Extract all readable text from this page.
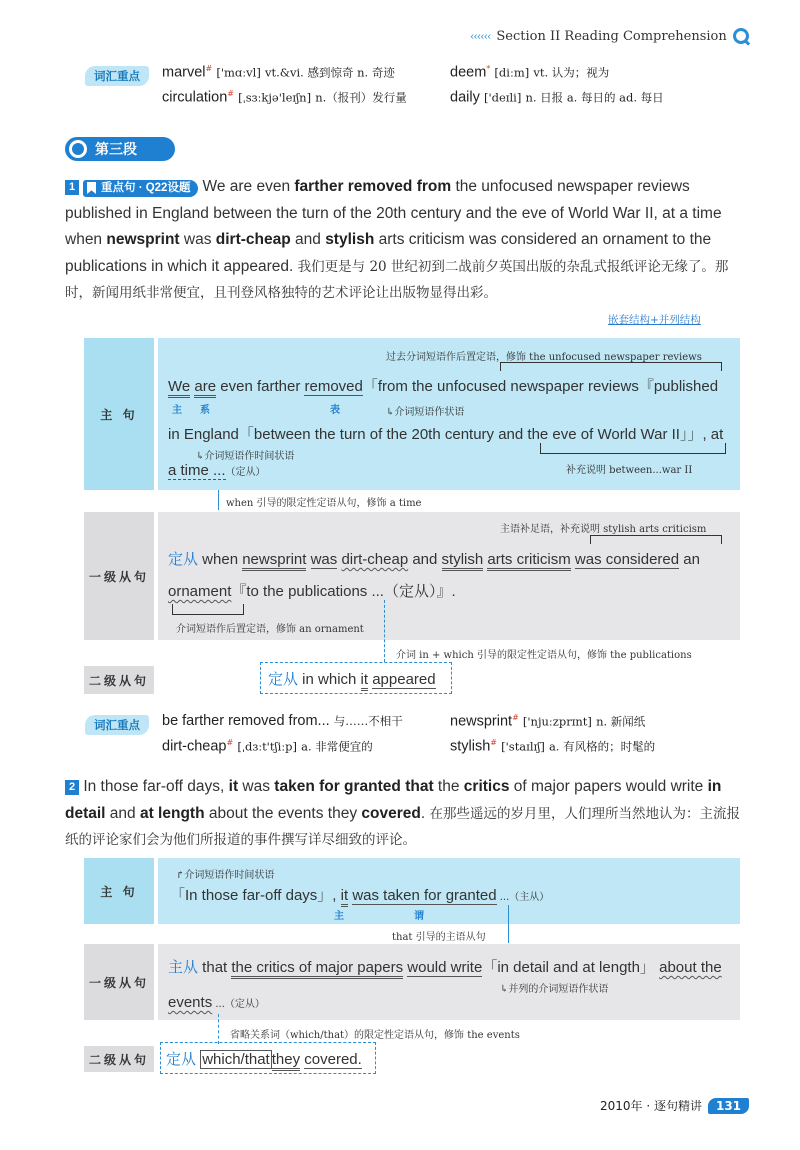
‹‹‹‹‹‹ Section II Reading Comprehension
词汇重点	marvel# ['mɑːvl] vt.&vi. 感到惊奇 n. 奇迹	deem* [diːm] vt. 认为；视为
circulation# [ˌsɜːkjə'leɪʃn] n.（报刊）发行量	daily ['deɪli] n. 日报 a. 每日的 ad. 每日
第三段
1 重点句 · Q22设题 We are even farther removed from the unfocused newspaper reviews published in England between the turn of the 20th century and the eve of World War II, at a time when newsprint was dirt-cheap and stylish arts criticism was considered an ornament to the publications in which it appeared. 我们更是与 20 世纪初到二战前夕英国出版的杂乱式报纸评论无缘了。那时，新闻用纸非常便宜，且刊登风格独特的艺术评论让出版物显得出彩。
嵌套结构+并列结构
主 句
过去分词短语作后置定语，修饰 the unfocused newspaper reviews
We are even farther removed「from the unfocused newspaper reviews『published
主 系	表	↳介词短语作状语
in England「between the turn of the 20th century and the eve of World War II」」, at
↳介词短语作时间状语
a time ...（定从）	补充说明 between...war II
when 引导的限定性定语从句，修饰 a time
一级从句
主语补足语，补充说明 stylish arts criticism
定从 when newsprint was dirt-cheap and stylish arts criticism was considered an
ornament『to the publications ...（定从）』.
介词短语作后置定语，修饰 an ornament
介词 in + which 引导的限定性定语从句，修饰 the publications
二级从句	定从 in which it appeared
词汇重点	be farther removed from... 与……不相干	newsprint# ['njuːzprɪnt] n. 新闻纸
dirt-cheap# [ˌdɜːt'tʃiːp] a. 非常便宜的	stylish# ['staɪlɪʃ] a. 有风格的；时髦的
2 In those far-off days, it was taken for granted that the critics of major papers would write in detail and at length about the events they covered. 在那些遥远的岁月里，人们理所当然地认为：主流报纸的评论家们会为他们所报道的事件撰写详尽细致的评论。
主 句
↱介词短语作时间状语
「In those far-off days」, it was taken for granted ...（主从）
主	谓
that 引导的主语从句
一级从句
主从 that the critics of major papers would write「in detail and at length」 about the
↳并列的介词短语作状语
events ...（定从）
省略关系词（which/that）的限定性定语从句，修饰 the events
二级从句	定从 which/that they covered.
2010年 · 逐句精讲	131
